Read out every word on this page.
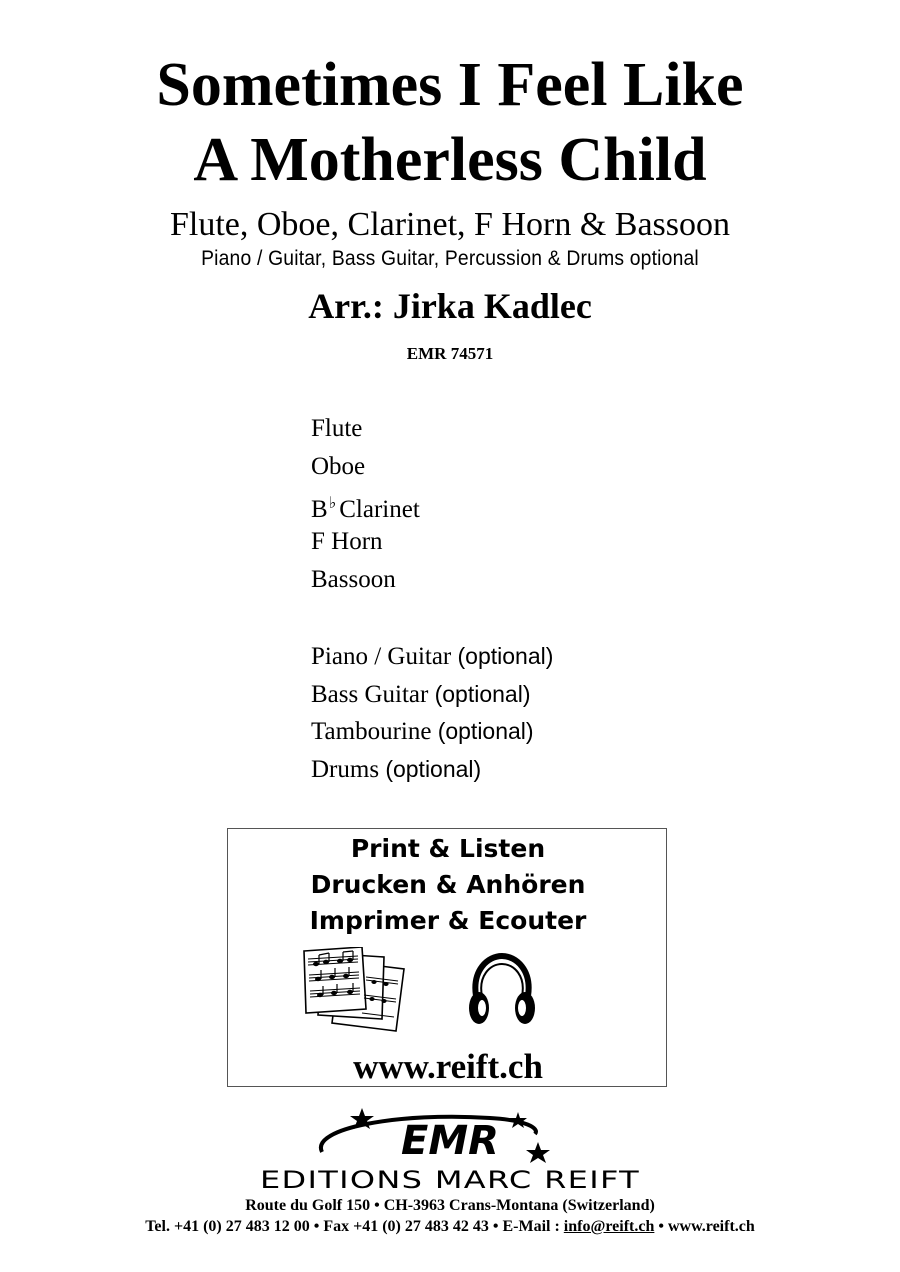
Sometimes I Feel Like
A Motherless Child
Flute, Oboe, Clarinet, F Horn & Bassoon
Piano / Guitar, Bass Guitar, Percussion & Drums optional
Arr.: Jirka Kadlec
EMR 74571
Flute
Oboe
B♭ Clarinet
F Horn
Bassoon
Piano / Guitar (optional)
Bass Guitar (optional)
Tambourine (optional)
Drums (optional)
Print & Listen
Drucken & Anhören
Imprimer & Ecouter
www.reift.ch
EMR
EDITIONS MARC REIFT
Route du Golf 150 • CH-3963 Crans-Montana (Switzerland)
Tel. +41 (0) 27 483 12 00 • Fax +41 (0) 27 483 42 43 • E-Mail : info@reift.ch • www.reift.ch
